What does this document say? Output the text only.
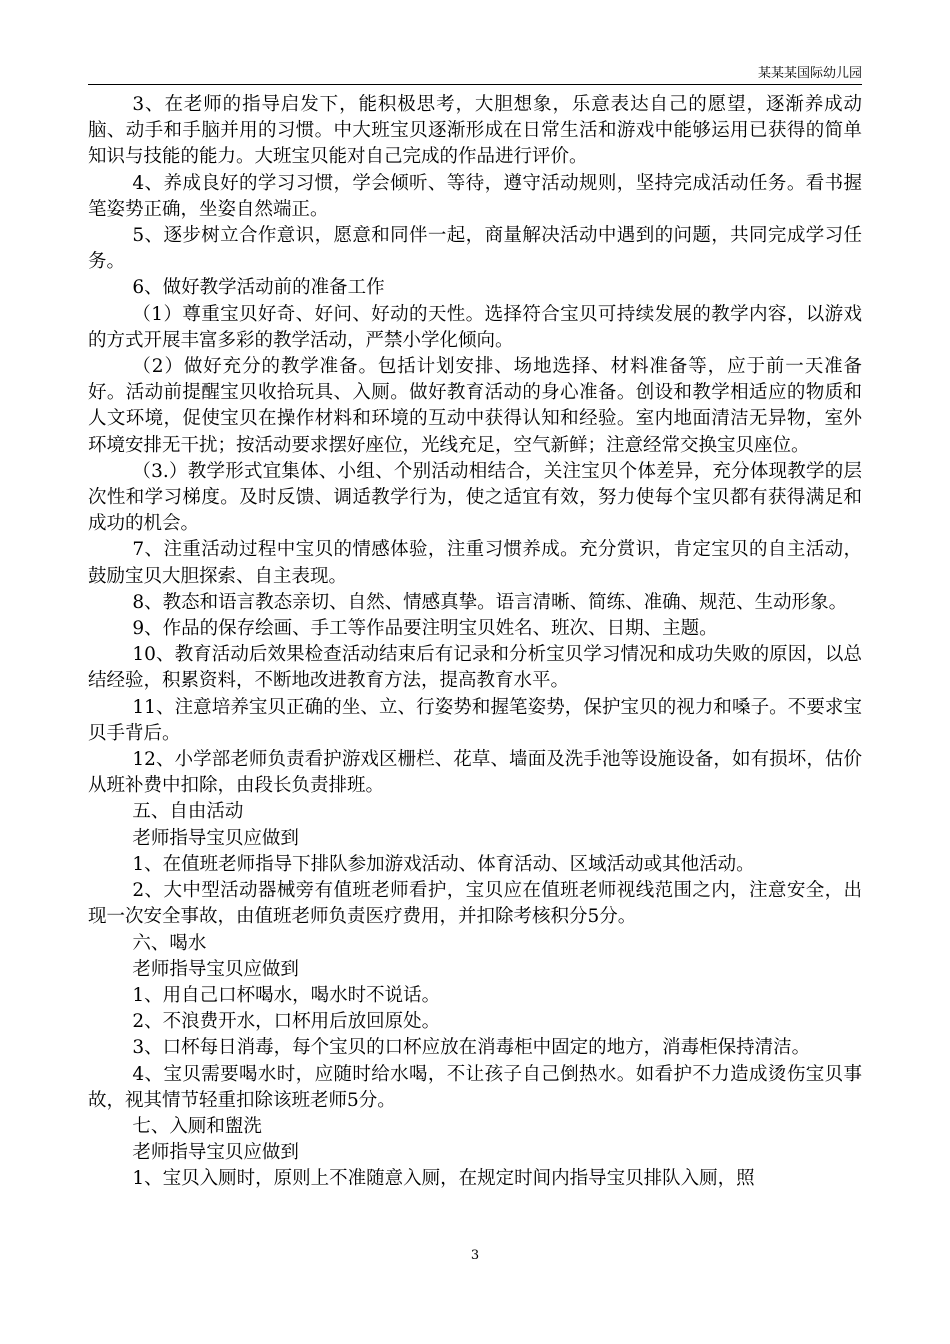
某某某国际幼儿园

3、在老师的指导启发下，能积极思考，大胆想象，乐意表达自己的愿望，逐渐养成动脑、动手和手脑并用的习惯。中大班宝贝逐渐形成在日常生活和游戏中能够运用已获得的简单知识与技能的能力。大班宝贝能对自己完成的作品进行评价。

4、养成良好的学习习惯，学会倾听、等待，遵守活动规则，坚持完成活动任务。看书握笔姿势正确，坐姿自然端正。

5、逐步树立合作意识，愿意和同伴一起，商量解决活动中遇到的问题，共同完成学习任务。

6、做好教学活动前的准备工作

（1）尊重宝贝好奇、好问、好动的天性。选择符合宝贝可持续发展的教学内容，以游戏的方式开展丰富多彩的教学活动，严禁小学化倾向。

（2）做好充分的教学准备。包括计划安排、场地选择、材料准备等，应于前一天准备好。活动前提醒宝贝收拾玩具、入厕。做好教育活动的身心准备。创设和教学相适应的物质和人文环境，促使宝贝在操作材料和环境的互动中获得认知和经验。室内地面清洁无异物，室外环境安排无干扰；按活动要求摆好座位，光线充足，空气新鲜；注意经常交换宝贝座位。

（3.）教学形式宜集体、小组、个别活动相结合，关注宝贝个体差异，充分体现教学的层次性和学习梯度。及时反馈、调适教学行为，使之适宜有效，努力使每个宝贝都有获得满足和成功的机会。

7、注重活动过程中宝贝的情感体验，注重习惯养成。充分赏识，肯定宝贝的自主活动，鼓励宝贝大胆探索、自主表现。

8、教态和语言教态亲切、自然、情感真挚。语言清晰、简练、准确、规范、生动形象。

9、作品的保存绘画、手工等作品要注明宝贝姓名、班次、日期、主题。

10、教育活动后效果检查活动结束后有记录和分析宝贝学习情况和成功失败的原因，以总结经验，积累资料，不断地改进教育方法，提高教育水平。

11、注意培养宝贝正确的坐、立、行姿势和握笔姿势，保护宝贝的视力和嗓子。不要求宝贝手背后。

12、小学部老师负责看护游戏区栅栏、花草、墙面及洗手池等设施设备，如有损坏，估价从班补费中扣除，由段长负责排班。

五、自由活动

老师指导宝贝应做到

1、在值班老师指导下排队参加游戏活动、体育活动、区域活动或其他活动。

2、大中型活动器械旁有值班老师看护，宝贝应在值班老师视线范围之内，注意安全，出现一次安全事故，由值班老师负责医疗费用，并扣除考核积分5分。

六、喝水

老师指导宝贝应做到

1、用自己口杯喝水，喝水时不说话。

2、不浪费开水，口杯用后放回原处。

3、口杯每日消毒，每个宝贝的口杯应放在消毒柜中固定的地方，消毒柜保持清洁。

4、宝贝需要喝水时，应随时给水喝，不让孩子自己倒热水。如看护不力造成烫伤宝贝事故，视其情节轻重扣除该班老师5分。

七、入厕和盥洗

老师指导宝贝应做到

1、宝贝入厕时，原则上不准随意入厕，在规定时间内指导宝贝排队入厕，照

3
